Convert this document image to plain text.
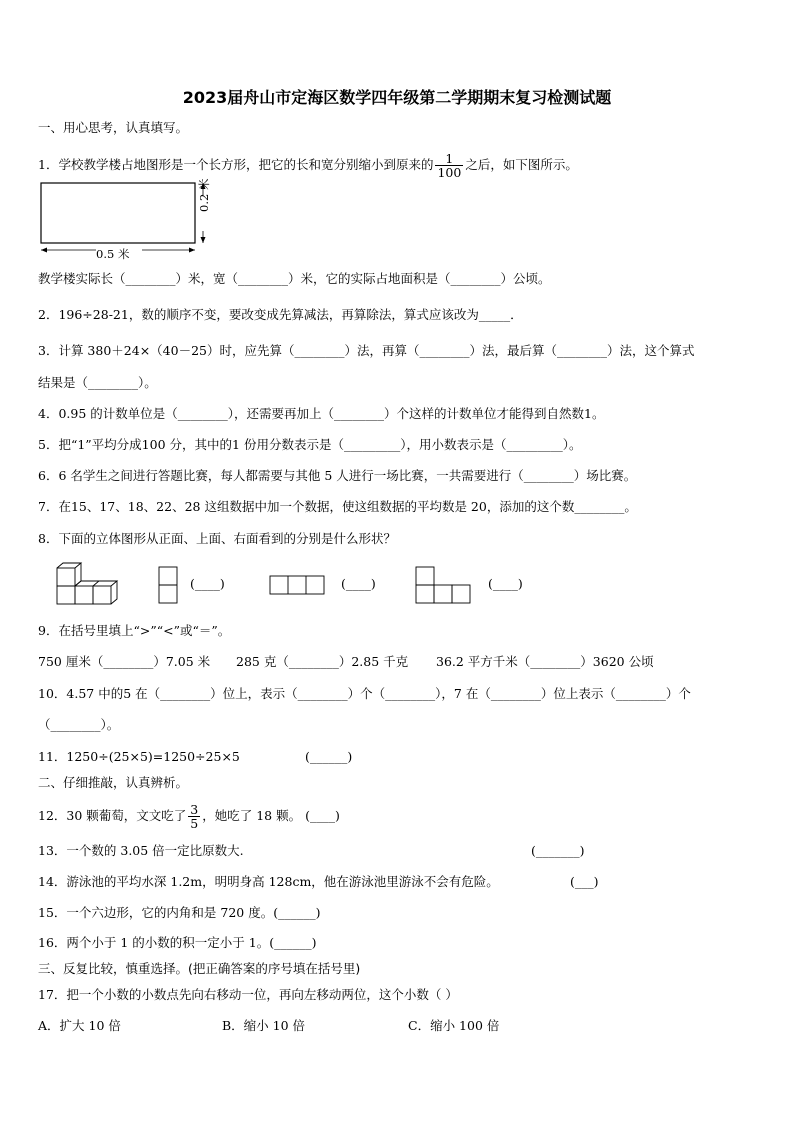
2023届舟山市定海区数学四年级第二学期期末复习检测试题
一、用心思考，认真填写。
1．学校教学楼占地图形是一个长方形，把它的长和宽分别缩小到原来的 $\frac{1}{100}$ 之后，如下图所示。
0.5 米
0.2 米
教学楼实际长（________）米，宽（________）米，它的实际占地面积是（________）公顷。
2．196÷28-21，数的顺序不变，要改变成先算减法，再算除法，算式应该改为_____．
3．计算 380＋24×（40－25）时，应先算（________）法，再算（________）法，最后算（________）法，这个算式
结果是（________）。
4．0.95 的计数单位是（________），还需要再加上（________）个这样的计数单位才能得到自然数1。
5．把“1”平均分成100 分，其中的1 份用分数表示是（_________），用小数表示是（_________）。
6．6 名学生之间进行答题比赛，每人都需要与其他 5 人进行一场比赛，一共需要进行（________）场比赛。
7．在15、17、18、22、28 这组数据中加一个数据，使这组数据的平均数是 20，添加的这个数________。
8．下面的立体图形从正面、上面、右面看到的分别是什么形状？
(____)	(____)	(____)
9．在括号里填上“>”“<”或“＝”。
750 厘米（________）7.05 米 285 克（________）2.85 千克 36.2 平方千米（________）3620 公顷
10．4.57 中的5 在（________）位上，表示（________）个（________），7 在（________）位上表示（________）个
（________）。
11．1250÷(25×5)=1250÷25×5	(______)
二、仔细推敲，认真辨析。
12．30 颗葡萄，文文吃了 $\frac{3}{5}$ ，她吃了 18 颗。 (____)
13．一个数的 3.05 倍一定比原数大.	(_______)
14．游泳池的平均水深 1.2m，明明身高 128cm，他在游泳池里游泳不会有危险。	(___)
15．一个六边形，它的内角和是 720 度。(______)
16．两个小于 1 的小数的积一定小于 1。(______)
三、反复比较，慎重选择。(把正确答案的序号填在括号里)
17．把一个小数的小数点先向右移动一位，再向左移动两位，这个小数（ ）
A．扩大 10 倍	B．缩小 10 倍	C．缩小 100 倍
